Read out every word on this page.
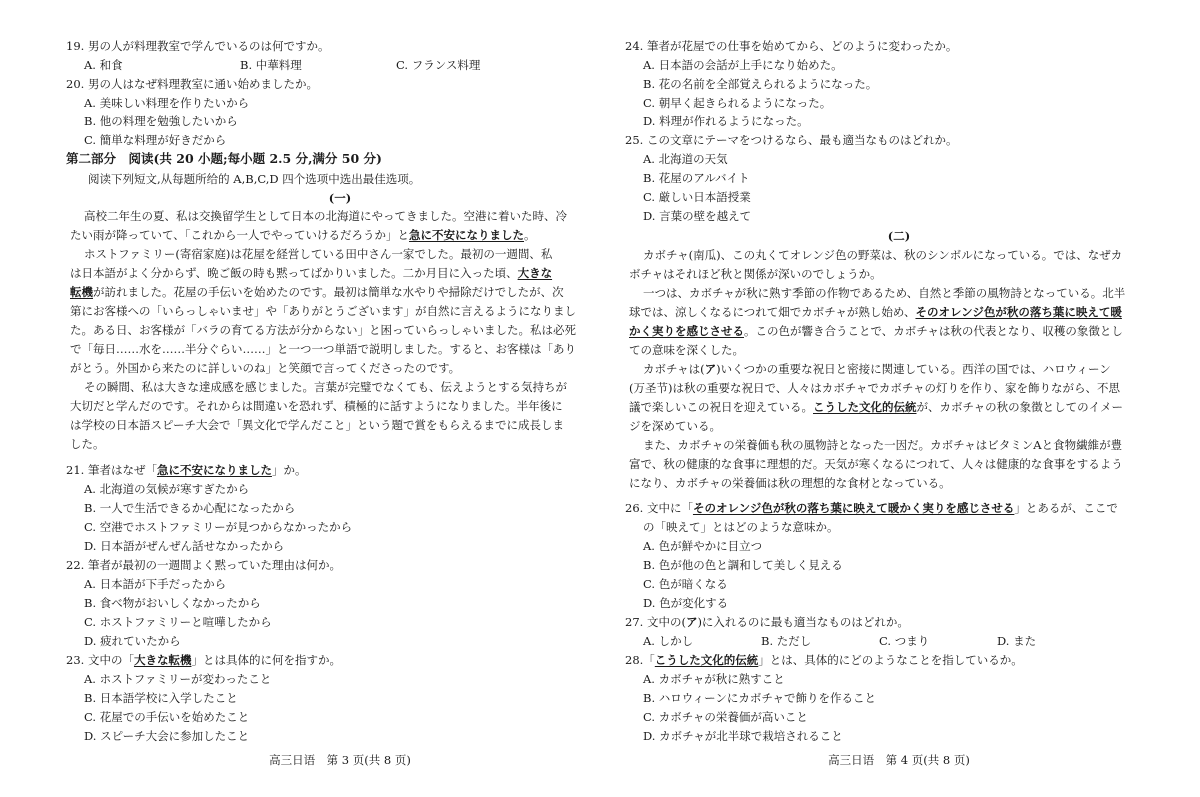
19. 男の人が料理教室で学んでいるのは何ですか。
A. 和食	B. 中華料理	C. フランス料理
20. 男の人はなぜ料理教室に通い始めましたか。
A. 美味しい料理を作りたいから
B. 他の料理を勉強したいから
C. 簡単な料理が好きだから
第二部分　阅读(共 20 小题;每小题 2.5 分,满分 50 分)
阅读下列短文,从每题所给的 A,B,C,D 四个选项中选出最佳选项。
(一)
高校二年生の夏、私は交換留学生として日本の北海道にやってきました。空港に着いた時、冷
たい雨が降っていて、「これから一人でやっていけるだろうか」と急に不安になりました。
ホストファミリー(寄宿家庭)は花屋を経営している田中さん一家でした。最初の一週間、私
は日本語がよく分からず、晩ご飯の時も黙ってばかりいました。二か月目に入った頃、大きな
転機が訪れました。花屋の手伝いを始めたのです。最初は簡単な水やりや掃除だけでしたが、次
第にお客様への「いらっしゃいませ」や「ありがとうございます」が自然に言えるようになりまし
た。ある日、お客様が「バラの育てる方法が分からない」と困っていらっしゃいました。私は必死
で「毎日……水を……半分ぐらい……」と一つ一つ単語で説明しました。すると、お客様は「あり
がとう。外国から来たのに詳しいのね」と笑顔で言ってくださったのです。
その瞬間、私は大きな達成感を感じました。言葉が完璧でなくても、伝えようとする気持ちが
大切だと学んだのです。それからは間違いを恐れず、積極的に話すようになりました。半年後に
は学校の日本語スピーチ大会で「異文化で学んだこと」という題で賞をもらえるまでに成長しま
した。
21. 筆者はなぜ「急に不安になりました」か。
A. 北海道の気候が寒すぎたから
B. 一人で生活できるか心配になったから
C. 空港でホストファミリーが見つからなかったから
D. 日本語がぜんぜん話せなかったから
22. 筆者が最初の一週間よく黙っていた理由は何か。
A. 日本語が下手だったから
B. 食べ物がおいしくなかったから
C. ホストファミリーと喧嘩したから
D. 疲れていたから
23. 文中の「大きな転機」とは具体的に何を指すか。
A. ホストファミリーが変わったこと
B. 日本語学校に入学したこと
C. 花屋での手伝いを始めたこと
D. スピーチ大会に参加したこと
高三日语　第 3 页(共 8 页)
24. 筆者が花屋での仕事を始めてから、どのように変わったか。
A. 日本語の会話が上手になり始めた。
B. 花の名前を全部覚えられるようになった。
C. 朝早く起きられるようになった。
D. 料理が作れるようになった。
25. この文章にテーマをつけるなら、最も適当なものはどれか。
A. 北海道の天気
B. 花屋のアルバイト
C. 厳しい日本語授業
D. 言葉の壁を越えて
(二)
カボチャ(南瓜)、この丸くてオレンジ色の野菜は、秋のシンボルになっている。では、なぜカ
ボチャはそれほど秋と関係が深いのでしょうか。
一つは、カボチャが秋に熟す季節の作物であるため、自然と季節の風物詩となっている。北半
球では、涼しくなるにつれて畑でカボチャが熟し始め、そのオレンジ色が秋の落ち葉に映えて暖
かく実りを感じさせる。この色が響き合うことで、カボチャは秋の代表となり、収穫の象徴とし
ての意味を深くした。
カボチャは(ア)いくつかの重要な祝日と密接に関連している。西洋の国では、ハロウィーン
(万圣节)は秋の重要な祝日で、人々はカボチャでカボチャの灯りを作り、家を飾りながら、不思
議で楽しいこの祝日を迎えている。こうした文化的伝統が、カボチャの秋の象徴としてのイメー
ジを深めている。
また、カボチャの栄養価も秋の風物詩となった一因だ。カボチャはビタミンAと食物繊維が豊
富で、秋の健康的な食事に理想的だ。天気が寒くなるにつれて、人々は健康的な食事をするよう
になり、カボチャの栄養価は秋の理想的な食材となっている。
26. 文中に「そのオレンジ色が秋の落ち葉に映えて暖かく実りを感じさせる」とあるが、ここで
の「映えて」とはどのような意味か。
A. 色が鮮やかに目立つ
B. 色が他の色と調和して美しく見える
C. 色が暗くなる
D. 色が変化する
27. 文中の(ア)に入れるのに最も適当なものはどれか。
A. しかし	B. ただし	C. つまり	D. また
28.「こうした文化的伝統」とは、具体的にどのようなことを指しているか。
A. カボチャが秋に熟すこと
B. ハロウィーンにカボチャで飾りを作ること
C. カボチャの栄養価が高いこと
D. カボチャが北半球で栽培されること
高三日语　第 4 页(共 8 页)
